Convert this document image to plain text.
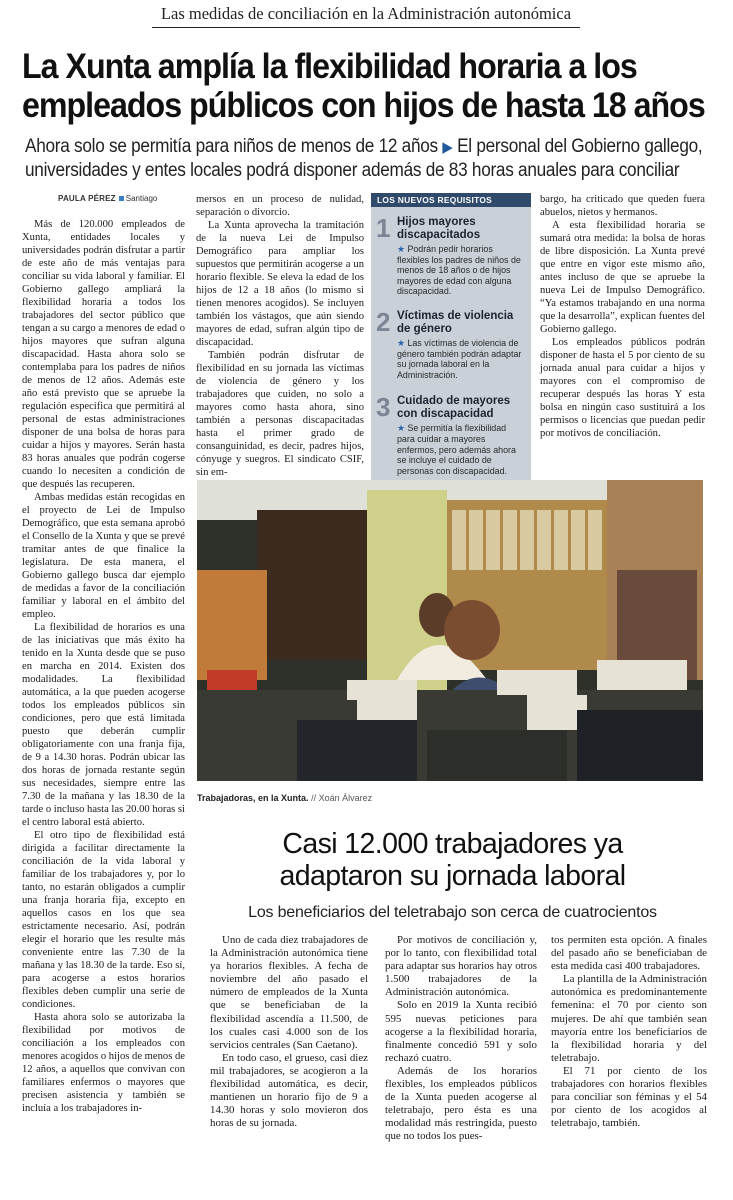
Las medidas de conciliación en la Administración autonómica
La Xunta amplía la flexibilidad horaria a los
empleados públicos con hijos de hasta 18 años
Ahora solo se permitía para niños de menos de 12 años ▶ El personal del Gobierno gallego,
universidades y entes locales podrá disponer además de 83 horas anuales para conciliar
PAULA PÉREZ Santiago

Más de 120.000 empleados de Xunta, entidades locales y universidades podrán disfrutar a partir de este año de más ventajas para conciliar su vida laboral y familiar. El Gobierno gallego ampliará la flexibilidad horaria a todos los trabajadores del sector público que tengan a su cargo a menores de edad o hijos mayores que sufran alguna discapacidad. Hasta ahora solo se contemplaba para los padres de niños de menos de 12 años. Además este año está previsto que se apruebe la regulación específica que permitirá al personal de estas administraciones disponer de una bolsa de horas para cuidar a hijos y mayores. Serán hasta 83 horas anuales que podrán cogerse cuando lo necesiten a condición de que después las recuperen.

Ambas medidas están recogidas en el proyecto de Lei de Impulso Demográfico, que esta semana aprobó el Consello de la Xunta y que se prevé tramitar antes de que finalice la legislatura. De esta manera, el Gobierno gallego busca dar ejemplo de medidas a favor de la conciliación familiar y laboral en el ámbito del empleo.

La flexibilidad de horarios es una de las iniciativas que más éxito ha tenido en la Xunta desde que se puso en marcha en 2014. Existen dos modalidades. La flexibilidad automática, a la que pueden acogerse todos los empleados públicos sin condiciones, pero que está limitada puesto que deberán cumplir obligatoriamente con una franja fija, de 9 a 14.30 horas. Podrán ubicar las dos horas de jornada restante según sus necesidades, siempre entre las 7.30 de la mañana y las 18.30 de la tarde o incluso hasta las 20.00 horas si el centro laboral está abierto.

El otro tipo de flexibilidad está dirigida a facilitar directamente la conciliación de la vida laboral y familiar de los trabajadores y, por lo tanto, no estarán obligados a cumplir una franja horaria fija, excepto en aquellos casos en los que sea estrictamente necesario. Así, podrán elegir el horario que les resulte más conveniente entre las 7.30 de la mañana y las 18.30 de la tarde. Eso sí, para acogerse a estos horarios flexibles deben cumplir una serie de condiciones.

Hasta ahora solo se autorizaba la flexibilidad por motivos de conciliación a los empleados con menores acogidos o hijos de menos de 12 años, a aquellos que convivan con familiares enfermos o mayores que precisen asistencia y también se incluía a los trabajadores in-

mersos en un proceso de nulidad, separación o divorcio.

La Xunta aprovecha la tramitación de la nueva Lei de Impulso Demográfico para ampliar los supuestos que permitirán acogerse a un horario flexible. Se eleva la edad de los hijos de 12 a 18 años (lo mismo si tienen menores acogidos). Se incluyen también los vástagos, que aún siendo mayores de edad, sufran algún tipo de discapacidad.

También podrán disfrutar de flexibilidad en su jornada las víctimas de violencia de género y los trabajadores que cuiden, no solo a mayores como hasta ahora, sino también a personas discapacitadas hasta el primer grado de consanguinidad, es decir, padres hijos, cónyuge y suegros. El sindicato CSIF, sin em-

LOS NUEVOS REQUISITOS
1 Hijos mayores discapacitados
★ Podrán pedir horarios flexibles los padres de niños de menos de 18 años o de hijos mayores de edad con alguna discapacidad.
2 Víctimas de violencia de género
★ Las víctimas de violencia de género también podrán adaptar su jornada laboral en la Administración.
3 Cuidado de mayores con discapacidad
★ Se permitía la flexibilidad para cuidar a mayores enfermos, pero además ahora se incluye el cuidado de personas con discapacidad.

bargo, ha criticado que queden fuera abuelos, nietos y hermanos.

A esta flexibilidad horaria se sumará otra medida: la bolsa de horas de libre disposición. La Xunta prevé que entre en vigor este mismo año, antes incluso de que se apruebe la nueva Lei de Impulso Demográfico. “Ya estamos trabajando en una norma que la desarrolla”, explican fuentes del Gobierno gallego.

Los empleados públicos podrán disponer de hasta el 5 por ciento de su jornada anual para cuidar a hijos y mayores con el compromiso de recuperar después las horas Y esta bolsa en ningún caso sustituirá a los permisos o licencias que puedan pedir por motivos de conciliación.

Trabajadoras, en la Xunta. // Xoán Álvarez
Casi 12.000 trabajadores ya
adaptaron su jornada laboral
Los beneficiarios del teletrabajo son cerca de cuatrocientos

Uno de cada diez trabajadores de la Administración autonómica tiene ya horarios flexibles. A fecha de noviembre del año pasado el número de empleados de la Xunta que se beneficiaban de la flexibilidad ascendía a 11.500, de los cuales casi 4.000 son de los servicios centrales (San Caetano).

En todo caso, el grueso, casi diez mil trabajadores, se acogieron a la flexibilidad automática, es decir, mantienen un horario fijo de 9 a 14.30 horas y solo movieron dos horas de su jornada.

Por motivos de conciliación y, por lo tanto, con flexibilidad total para adaptar sus horarios hay otros 1.500 trabajadores de la Administración autonómica.

Solo en 2019 la Xunta recibió 595 nuevas peticiones para acogerse a la flexibilidad horaria, finalmente concedió 591 y solo rechazó cuatro.

Además de los horarios flexibles, los empleados públicos de la Xunta pueden acogerse al teletrabajo, pero ésta es una modalidad más restringida, puesto que no todos los pues-

tos permiten esta opción. A finales del pasado año se beneficiaban de esta medida casi 400 trabajadores.

La plantilla de la Administración autonómica es predominantemente femenina: el 70 por ciento son mujeres. De ahí que también sean mayoría entre los beneficiarios de la flexibilidad horaria y del teletrabajo.

El 71 por ciento de los trabajadores con horarios flexibles para conciliar son féminas y el 54 por ciento de los acogidos al teletrabajo, también.
